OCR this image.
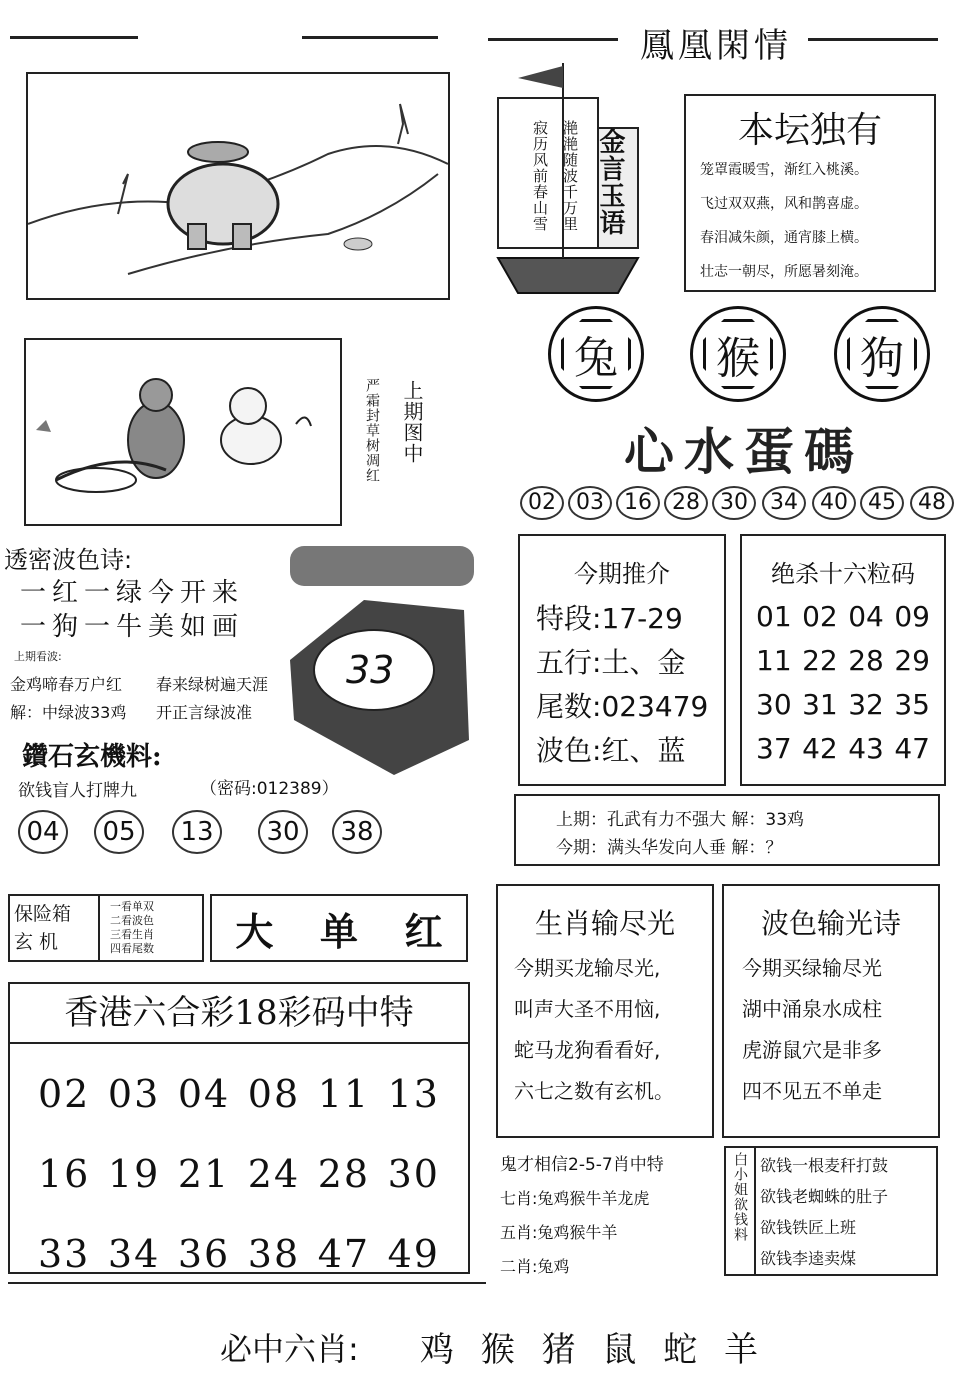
鳳凰閑情
上期图中
严霜封草树凋红
金言玉语
滟滟随波千万里
寂历风前春山雪	本坛独有
笼罩霞暖雪，渐红入桃溪。
飞过双双燕，风和鹊喜虚。
春泪减朱颜，通宵膝上横。
壮志一朝尽，所愿暑刻淹。
兔	猴	狗
心水蛋碼
02 03 16 28 30	34	40 45	48
透密波色诗:
一红一绿今开来
一狗一牛美如画
上期看波:
金鸡啼春万户红 春来绿树遍天涯
解：中绿波33鸡 开正言绿波准
33
鑽石玄機料:
欲钱盲人打牌九	（密码:012389）
04	05	13	30	38
今期推介
特段:17-29
五行:土、金
尾数:023479
波色:红、蓝
绝杀十六粒码
01 02 04 09
11 22 28 29
30 31 32 35
37 42 43 47
上期：孔武有力不强大 解：33鸡
今期：满头华发向人垂 解：？
保险箱
玄 机
一看单双
二看波色
三看生肖
四看尾数 大 单 红
香港六合彩18彩码中特
02 03 04 08 11 13
16 19 21 24 28 30
33 34 36 38 47 49
生肖输尽光
今期买龙输尽光,
叫声大圣不用恼,
蛇马龙狗看看好,
六七之数有玄机。
波色输光诗
今期买绿输尽光
湖中涌泉水成柱
虎游鼠穴是非多
四不见五不单走
鬼才相信2-5-7肖中特
七肖:兔鸡猴牛羊龙虎
五肖:兔鸡猴牛羊
二肖:兔鸡
白小姐欲钱料 欲钱一根麦秆打鼓
欲钱老蜘蛛的肚子
欲钱铁匠上班
欲钱李逵卖煤
必中六肖: 鸡 猴 猪 鼠 蛇 羊
